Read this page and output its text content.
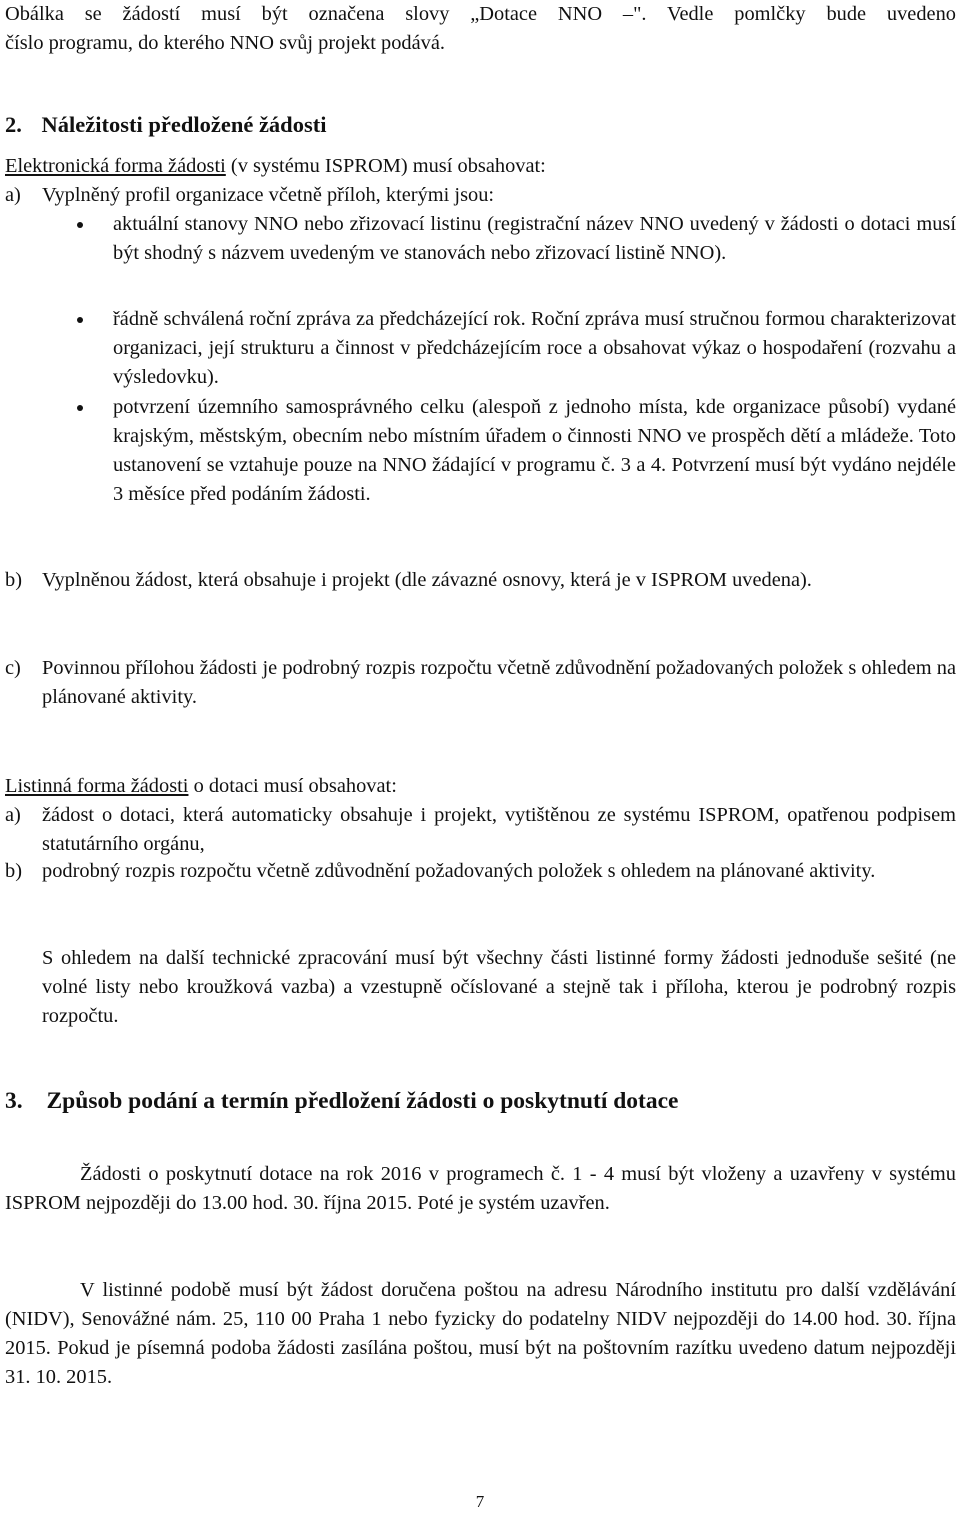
Obálka se žádostí musí být označena slovy „Dotace NNO –". Vedle pomlčky bude uvedeno

číslo programu, do kterého NNO svůj projekt podává.

2. Náležitosti předložené žádosti
Elektronická forma žádosti (v systému ISPROM) musí obsahovat:
a)	Vyplněný profil organizace včetně příloh, kterými jsou:

aktuální stanovy NNO nebo zřizovací listinu (registrační název NNO uvedený v žádosti o dotaci musí být shodný s názvem uvedeným ve stanovách nebo zřizovací listině NNO).

řádně schválená roční zpráva za předcházející rok. Roční zpráva musí stručnou formou charakterizovat organizaci, její strukturu a činnost v předcházejícím roce a obsahovat výkaz o hospodaření (rozvahu a výsledovku).

potvrzení územního samosprávného celku (alespoň z jednoho místa, kde organizace působí) vydané krajským, městským, obecním nebo místním úřadem o činnosti NNO ve prospěch dětí a mládeže. Toto ustanovení se vztahuje pouze na NNO žádající v programu č. 3 a 4. Potvrzení musí být vydáno nejdéle 3 měsíce před podáním žádosti.

b) Vyplněnou žádost, která obsahuje i projekt (dle závazné osnovy, která je v ISPROM uvedena).

c)	Povinnou přílohou žádosti je podrobný rozpis rozpočtu včetně zdůvodnění požadovaných položek s ohledem na plánované aktivity.

Listinná forma žádosti o dotaci musí obsahovat:
a)	žádost o dotaci, která automaticky obsahuje i projekt, vytištěnou ze systému ISPROM, opatřenou podpisem statutárního orgánu,

b) podrobný rozpis rozpočtu včetně zdůvodnění požadovaných položek s ohledem na plánované aktivity.

S ohledem na další technické zpracování musí být všechny části listinné formy žádosti jednoduše sešité (ne volné listy nebo kroužková vazba) a vzestupně očíslované a stejně tak i příloha, kterou je podrobný rozpis rozpočtu.

3. Způsob podání a termín předložení žádosti o poskytnutí dotace

Žádosti o poskytnutí dotace na rok 2016 v programech č. 1 - 4 musí být vloženy a uzavřeny v systému ISPROM nejpozději do 13.00 hod. 30. října 2015. Poté je systém uzavřen.

V listinné podobě musí být žádost doručena poštou na adresu Národního institutu pro další vzdělávání (NIDV), Senovážné nám. 25, 110 00 Praha 1 nebo fyzicky do podatelny NIDV nejpozději do 14.00 hod. 30. října 2015. Pokud je písemná podoba žádosti zasílána poštou, musí být na poštovním razítku uvedeno datum nejpozději 31. 10. 2015.

7
